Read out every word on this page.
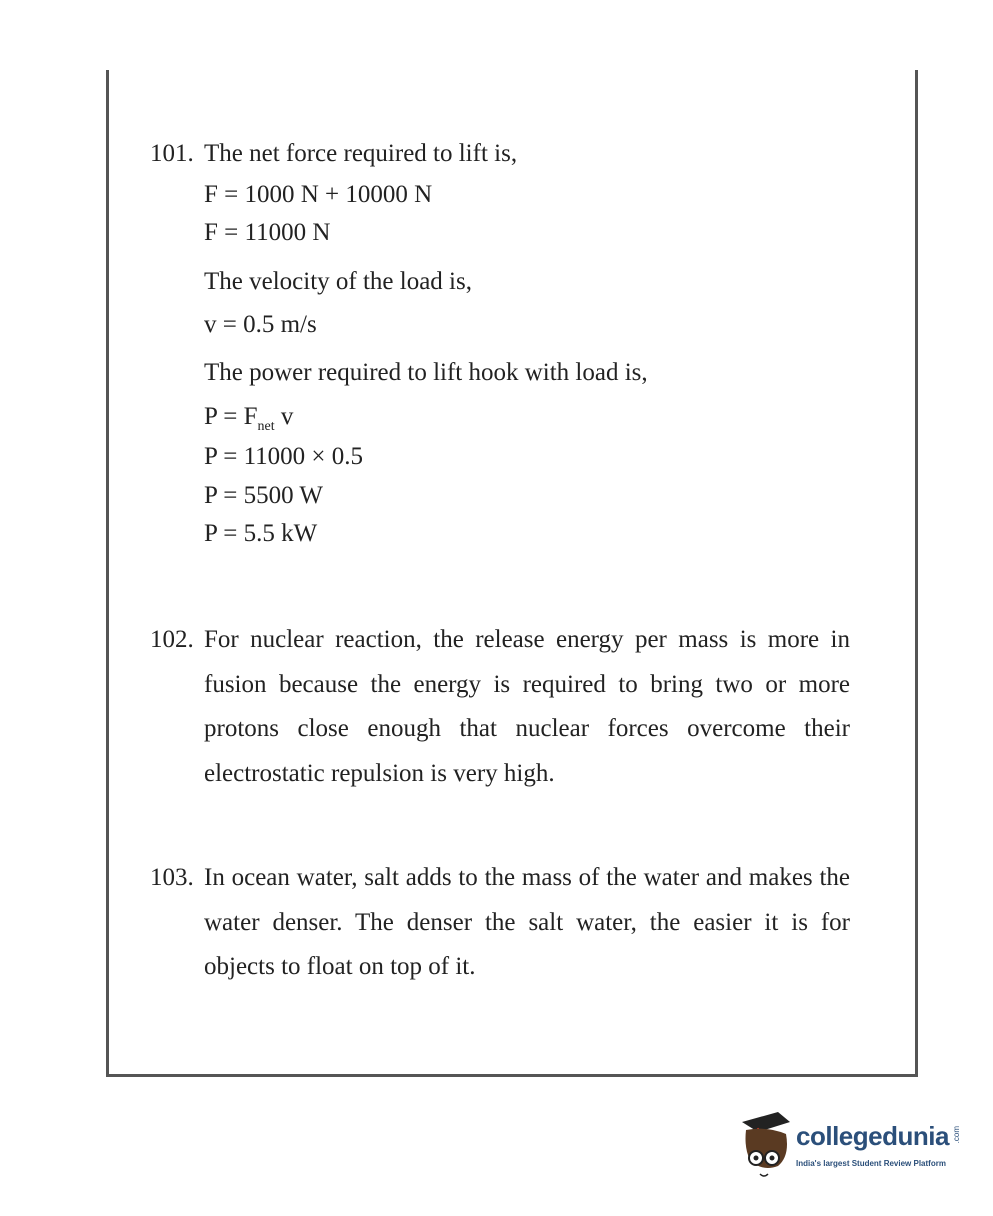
101. The net force required to lift is,
F = 1000 N + 10000 N
F = 11000 N
The velocity of the load is,
v = 0.5 m/s
The power required to lift hook with load is,
$P = F_{net}$ v
P = 11000 × 0.5
P = 5500 W
P = 5.5 kW
102. For nuclear reaction, the release energy per mass is more in fusion because the energy is required to bring two or more protons close enough that nuclear forces overcome their electrostatic repulsion is very high.
103. In ocean water, salt adds to the mass of the water and makes the water denser. The denser the salt water, the easier it is for objects to float on top of it.
collegedunia .com
India's largest Student Review Platform
